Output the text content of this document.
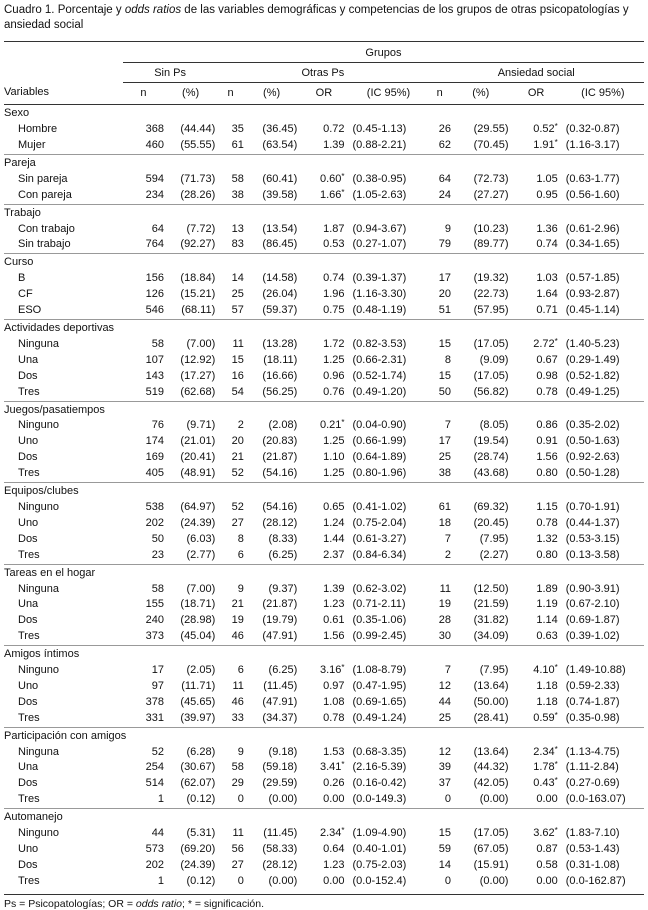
Cuadro 1. Porcentaje y odds ratios de las variables demográficas y competencias de los grupos de otras psicopatologías y ansiedad social

	Grupos									
	Sin Ps		Otras Ps				Ansiedad social			
Variables	n	(%)	n	(%)	OR	(IC 95%)	n	(%)	OR	(IC 95%)
Sexo										
Hombre	368	(44.44)	35	(36.45)	0.72	(0.45-1.13)	26	(29.55)	0.52*	(0.32-0.87)
Mujer	460	(55.55)	61	(63.54)	1.39	(0.88-2.21)	62	(70.45)	1.91*	(1.16-3.17)
Pareja										
Sin pareja	594	(71.73)	58	(60.41)	0.60*	(0.38-0.95)	64	(72.73)	1.05	(0.63-1.77)
Con pareja	234	(28.26)	38	(39.58)	1.66*	(1.05-2.63)	24	(27.27)	0.95	(0.56-1.60)
Trabajo										
Con trabajo	64	(7.72)	13	(13.54)	1.87	(0.94-3.67)	9	(10.23)	1.36	(0.61-2.96)
Sin trabajo	764	(92.27)	83	(86.45)	0.53	(0.27-1.07)	79	(89.77)	0.74	(0.34-1.65)
Curso										
B	156	(18.84)	14	(14.58)	0.74	(0.39-1.37)	17	(19.32)	1.03	(0.57-1.85)
CF	126	(15.21)	25	(26.04)	1.96	(1.16-3.30)	20	(22.73)	1.64	(0.93-2.87)
ESO	546	(68.11)	57	(59.37)	0.75	(0.48-1.19)	51	(57.95)	0.71	(0.45-1.14)
Actividades deportivas										
Ninguna	58	(7.00)	11	(13.28)	1.72	(0.82-3.53)	15	(17.05)	2.72*	(1.40-5.23)
Una	107	(12.92)	15	(18.11)	1.25	(0.66-2.31)	8	(9.09)	0.67	(0.29-1.49)
Dos	143	(17.27)	16	(16.66)	0.96	(0.52-1.74)	15	(17.05)	0.98	(0.52-1.82)
Tres	519	(62.68)	54	(56.25)	0.76	(0.49-1.20)	50	(56.82)	0.78	(0.49-1.25)
Juegos/pasatiempos										
Ninguno	76	(9.71)	2	(2.08)	0.21*	(0.04-0.90)	7	(8.05)	0.86	(0.35-2.02)
Uno	174	(21.01)	20	(20.83)	1.25	(0.66-1.99)	17	(19.54)	0.91	(0.50-1.63)
Dos	169	(20.41)	21	(21.87)	1.10	(0.64-1.89)	25	(28.74)	1.56	(0.92-2.63)
Tres	405	(48.91)	52	(54.16)	1.25	(0.80-1.96)	38	(43.68)	0.80	(0.50-1.28)
Equipos/clubes										
Ninguno	538	(64.97)	52	(54.16)	0.65	(0.41-1.02)	61	(69.32)	1.15	(0.70-1.91)
Uno	202	(24.39)	27	(28.12)	1.24	(0.75-2.04)	18	(20.45)	0.78	(0.44-1.37)
Dos	50	(6.03)	8	(8.33)	1.44	(0.61-3.27)	7	(7.95)	1.32	(0.53-3.15)
Tres	23	(2.77)	6	(6.25)	2.37	(0.84-6.34)	2	(2.27)	0.80	(0.13-3.58)
Tareas en el hogar										
Ninguna	58	(7.00)	9	(9.37)	1.39	(0.62-3.02)	11	(12.50)	1.89	(0.90-3.91)
Una	155	(18.71)	21	(21.87)	1.23	(0.71-2.11)	19	(21.59)	1.19	(0.67-2.10)
Dos	240	(28.98)	19	(19.79)	0.61	(0.35-1.06)	28	(31.82)	1.14	(0.69-1.87)
Tres	373	(45.04)	46	(47.91)	1.56	(0.99-2.45)	30	(34.09)	0.63	(0.39-1.02)
Amigos íntimos										
Ninguno	17	(2.05)	6	(6.25)	3.16*	(1.08-8.79)	7	(7.95)	4.10*	(1.49-10.88)
Uno	97	(11.71)	11	(11.45)	0.97	(0.47-1.95)	12	(13.64)	1.18	(0.59-2.33)
Dos	378	(45.65)	46	(47.91)	1.08	(0.69-1.65)	44	(50.00)	1.18	(0.74-1.87)
Tres	331	(39.97)	33	(34.37)	0.78	(0.49-1.24)	25	(28.41)	0.59*	(0.35-0.98)
Participación con amigos										
Ninguna	52	(6.28)	9	(9.18)	1.53	(0.68-3.35)	12	(13.64)	2.34*	(1.13-4.75)
Una	254	(30.67)	58	(59.18)	3.41*	(2.16-5.39)	39	(44.32)	1.78*	(1.11-2.84)
Dos	514	(62.07)	29	(29.59)	0.26	(0.16-0.42)	37	(42.05)	0.43*	(0.27-0.69)
Tres	1	(0.12)	0	(0.00)	0.00	(0.0-149.3)	0	(0.00)	0.00	(0.0-163.07)
Automanejo										
Ninguno	44	(5.31)	11	(11.45)	2.34*	(1.09-4.90)	15	(17.05)	3.62*	(1.83-7.10)
Uno	573	(69.20)	56	(58.33)	0.64	(0.40-1.01)	59	(67.05)	0.87	(0.53-1.43)
Dos	202	(24.39)	27	(28.12)	1.23	(0.75-2.03)	14	(15.91)	0.58	(0.31-1.08)
Tres	1	(0.12)	0	(0.00)	0.00	(0.0-152.4)	0	(0.00)	0.00	(0.0-162.87)
Ps = Psicopatologías; OR = odds ratio; * = significación.
